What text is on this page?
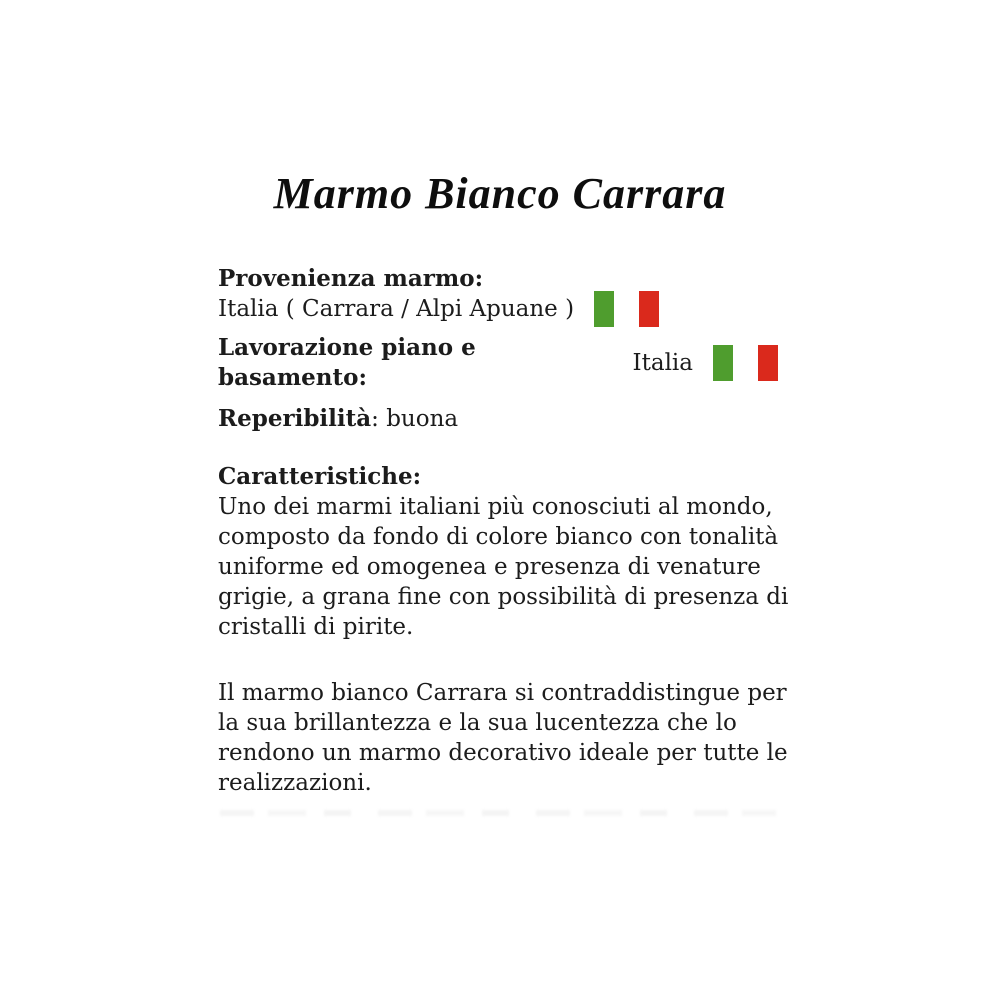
Marmo Bianco Carrara
Provenienza marmo:
Italia ( Carrara / Alpi Apuane )
Lavorazione piano e basamento:
Italia
Reperibilità: buona
Caratteristiche:
Uno dei marmi italiani più conosciuti al mondo,
composto da fondo di colore bianco con tonalità
uniforme ed omogenea e presenza di venature
grigie, a grana fine con possibilità di presenza di
cristalli di pirite.
Il marmo bianco Carrara si contraddistingue per
la sua brillantezza e la sua lucentezza che lo
rendono un marmo decorativo ideale per tutte le
realizzazioni.
